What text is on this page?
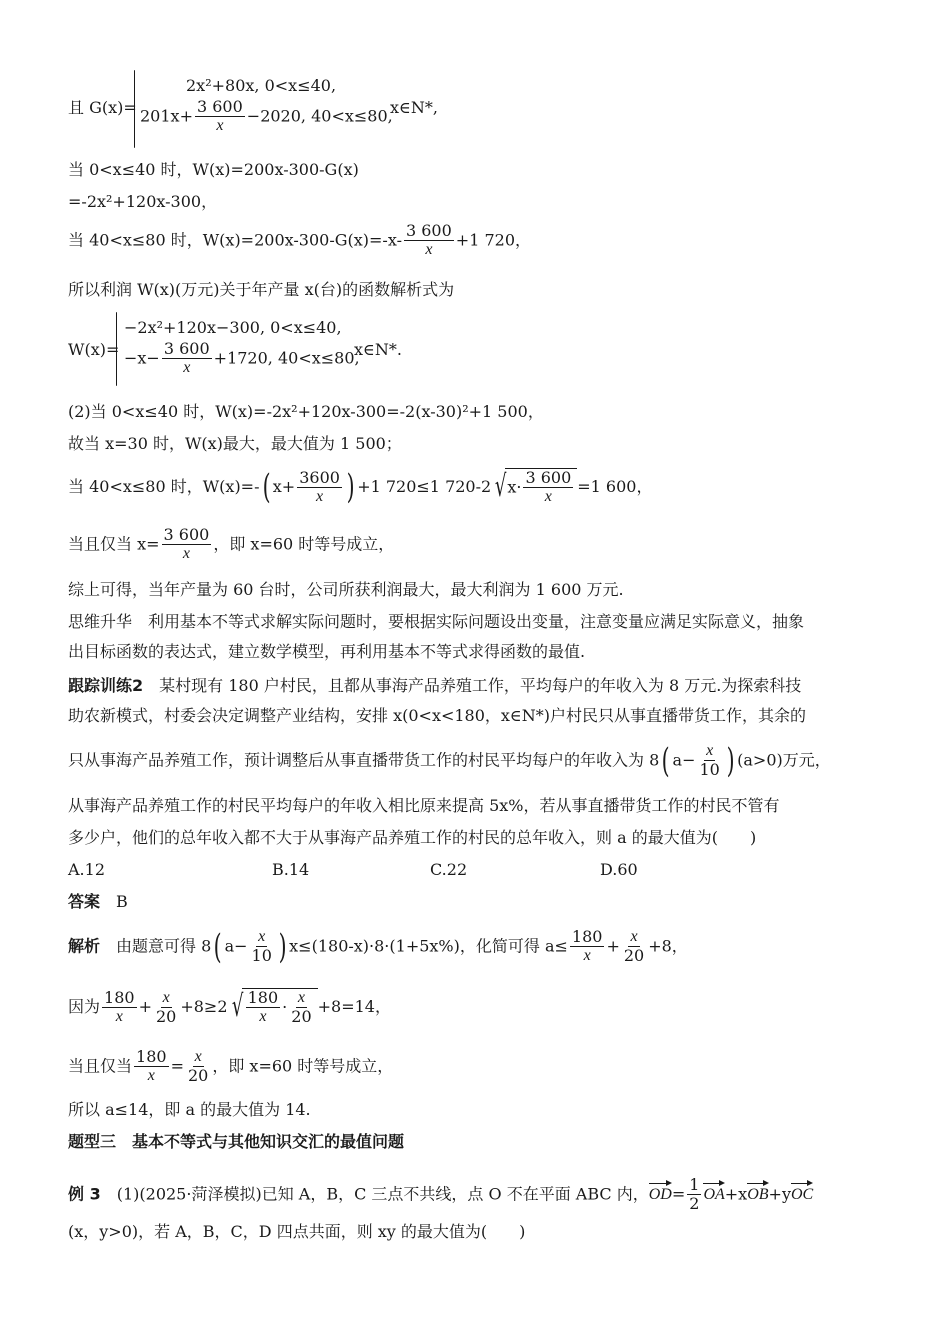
且 G(x)=
2x²+80x, 0<x≤40,
$201x+ \frac{3 600}{x} -2020$, 40<x≤80,
x∈N*,
当 0<x≤40 时，W(x)=200x-300-G(x)
=-2x²+120x-300，
当 40<x≤80 时，$W(x)=200x-300-G(x)=-x- \frac{3 600}{x} +1$ 720，
所以利润 W(x)(万元)关于年产量 x(台)的函数解析式为
W(x)=
−2x²+120x−300, 0<x≤40,
$-x- \frac{3 600}{x} +1720$, 40<x≤80,
x∈N*.
(2)当 0<x≤40 时，W(x)=-2x²+120x-300=-2(x-30)²+1 500，
故当 x=30 时，W(x)最大，最大值为 1 500；
当 40<x≤80 时，W(x)=-( $x+ \frac{3600}{x}$ ) +1 720≤1 720-2 $√x\cdot \frac{3 600}{x} =1$ 600，
当且仅当 $x= \frac{3 600}{x}$ ，即 x=60 时等号成立，
综上可得，当年产量为 60 台时，公司所获利润最大，最大利润为 1 600 万元.
思维升华　利用基本不等式求解实际问题时，要根据实际问题设出变量，注意变量应满足实际意义，抽象
出目标函数的表达式，建立数学模型，再利用基本不等式求得函数的最值.
跟踪训练2　 某村现有 180 户村民，且都从事海产品养殖工作，平均每户的年收入为 8 万元.为探索科技
助农新模式，村委会决定调整产业结构，安排 x(0<x<180，x∈N*)户村民只从事直播带货工作，其余的
只从事海产品养殖工作，预计调整后从事直播带货工作的村民平均每户的年收入为 8( $a- \frac{x}{10}$ ) (a>0)万元，
从事海产品养殖工作的村民平均每户的年收入相比原来提高 5x%，若从事直播带货工作的村民不管有
多少户，他们的总年收入都不大于从事海产品养殖工作的村民的总年收入，则 a 的最大值为(　　)
A.12	B.14	C.22	D.60
答案　 B
解析　 由题意可得 8( $a- \frac{x}{10}$ ) x≤(180-x)·8·(1+5x%)，化简可得 $a\le \frac{180}{x} + \frac{x}{20} +8$，
因为 $\frac{180}{x} + \frac{x}{20} +8\ge 2$ √ $\frac{180}{x} \cdot \frac{x}{20} +8=14$，
当且仅当 $\frac{180}{x} = \frac{x}{20}$ ，即 x=60 时等号成立，
所以 a≤14，即 a 的最大值为 14.
题型三　基本不等式与其他知识交汇的最值问题
例 3　 (1)(2025·菏泽模拟)已知 A，B，C 三点不共线，点 O 不在平面 ABC 内，$OD= \frac{1}{2} OA+xOB+yOC$
(x，y>0)，若 A，B，C，D 四点共面，则 xy 的最大值为(　　)
